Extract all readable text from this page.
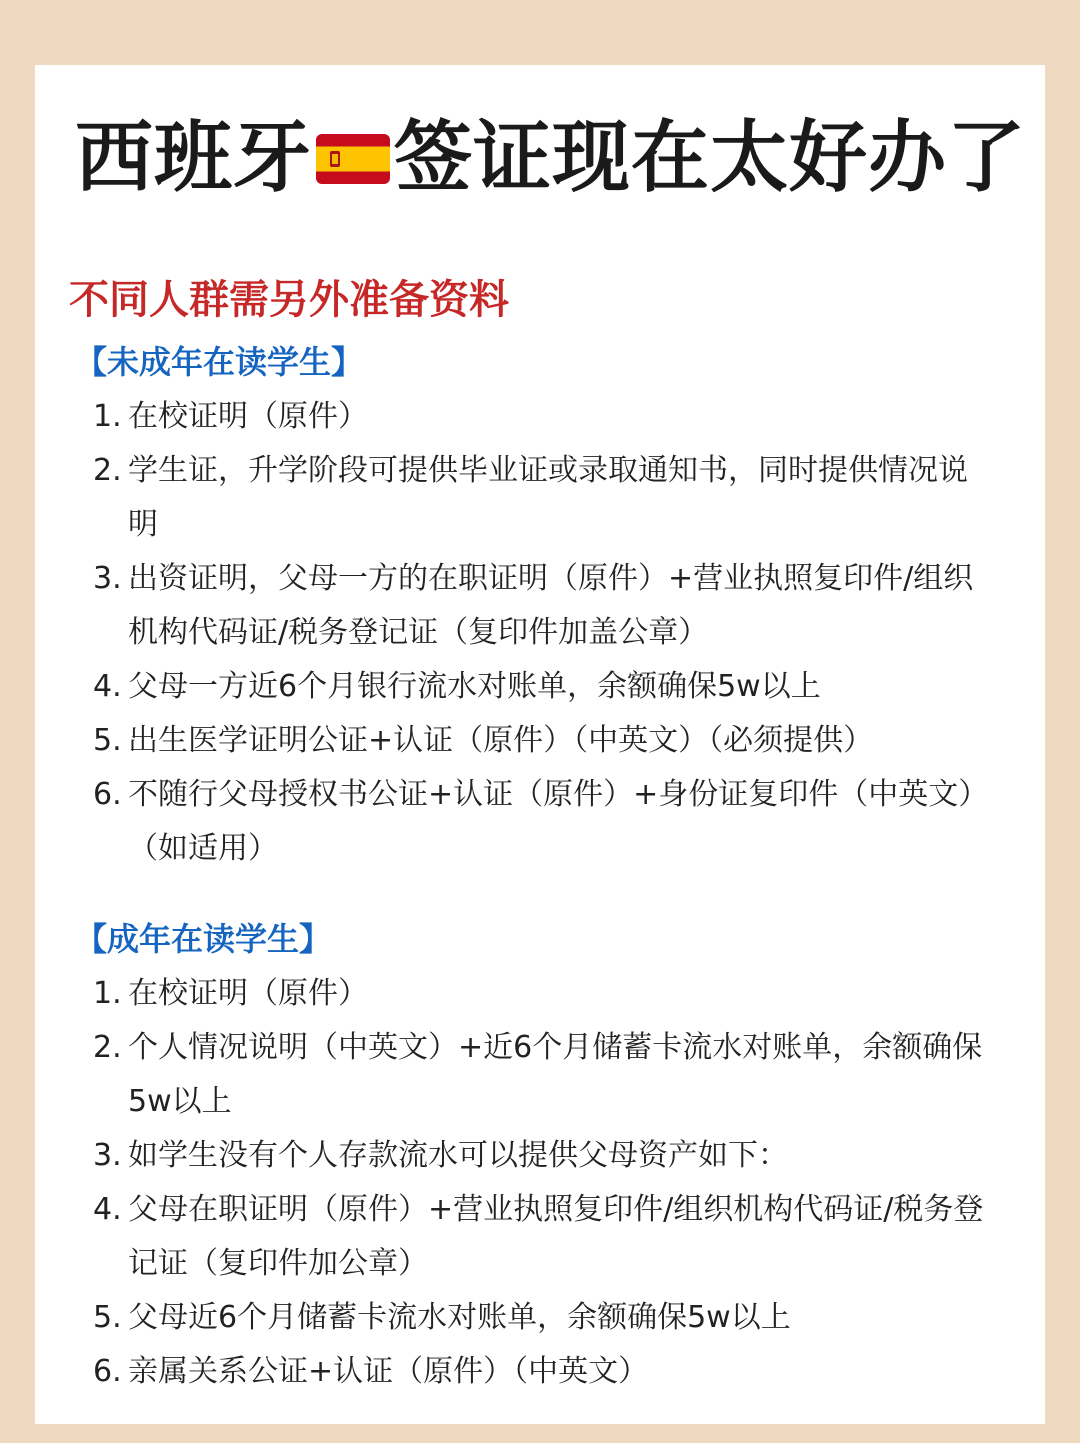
西班牙 签证现在太好办了
不同人群需另外准备资料
【未成年在读学生】
1. 在校证明（原件）
2. 学生证，升学阶段可提供毕业证或录取通知书，同时提供情况说明
3. 出资证明，父母一方的在职证明（原件）+营业执照复印件/组织机构代码证/税务登记证（复印件加盖公章）
4. 父母一方近6个月银行流水对账单，余额确保5w以上
5. 出生医学证明公证+认证（原件）（中英文）（必须提供）
6. 不随行父母授权书公证+认证（原件）+身份证复印件（中英文）（如适用）
【成年在读学生】
1. 在校证明（原件）
2. 个人情况说明（中英文）+近6个月储蓄卡流水对账单，余额确保5w以上
3. 如学生没有个人存款流水可以提供父母资产如下：
4. 父母在职证明（原件）+营业执照复印件/组织机构代码证/税务登记证（复印件加公章）
5. 父母近6个月储蓄卡流水对账单，余额确保5w以上
6. 亲属关系公证+认证（原件）（中英文）
